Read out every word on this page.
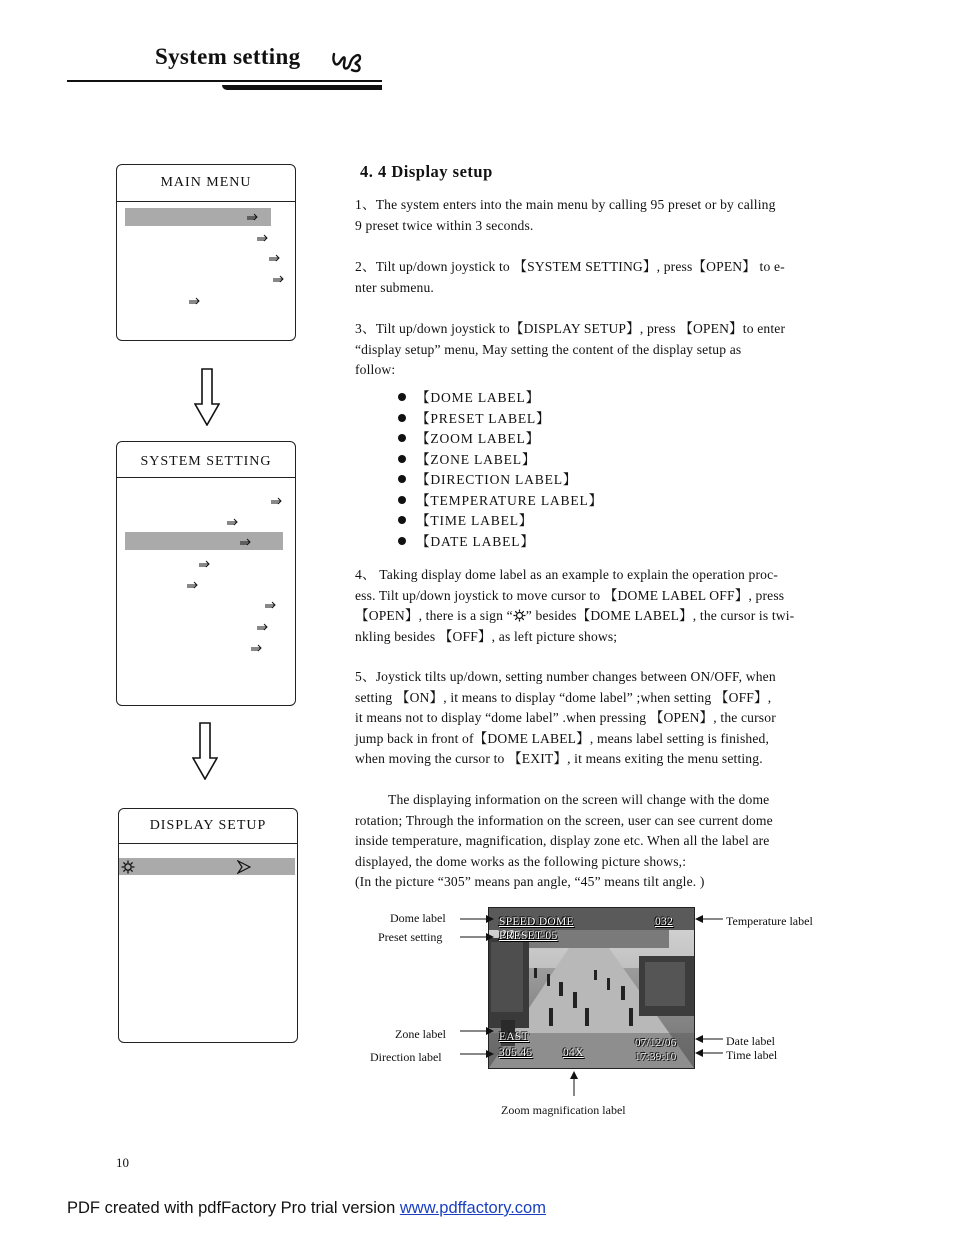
System setting
MAIN MENU
SYSTEM SETTING
DISPLAY SETUP
4. 4 Display setup

1、The system enters into the main menu by calling 95 preset or by calling

9 preset twice within 3 seconds.

2、Tilt up/down joystick to 【SYSTEM SETTING】, press【OPEN】 to e-

nter submenu.

3、Tilt up/down joystick to【DISPLAY SETUP】, press 【OPEN】to enter

“display setup” menu, May setting the content of the display setup as

follow:

【DOME LABEL】
【PRESET LABEL】
【ZOOM LABEL】
【ZONE LABEL】
【DIRECTION LABEL】
【TEMPERATURE LABEL】
【TIME LABEL】
【DATE LABEL】

4、 Taking display dome label as an example to explain the operation proc-

ess. Tilt up/down joystick to move cursor to 【DOME LABEL OFF】, press

【OPEN】, there is a sign “ ” besides【DOME LABEL】, the cursor is twi-

nkling besides 【OFF】, as left picture shows;

5、Joystick tilts up/down, setting number changes between ON/OFF, when

setting 【ON】, it means to display “dome label” ;when setting 【OFF】,

it means not to display “dome label” .when pressing 【OPEN】, the cursor

jump back in front of【DOME LABEL】, means label setting is finished,

when moving the cursor to 【EXIT】, it means exiting the menu setting.

The displaying information on the screen will change with the dome

rotation; Through the information on the screen, user can see current dome

inside temperature, magnification, display zone etc. When all the label are

displayed, the dome works as the following picture shows,:

(In the picture “305” means pan angle, “45” means tilt angle. )

SPEED DOME
PRESET-05
032
EAST
305 45	04X
07/12/06
17:39:10
Dome label
Preset setting
Zone label
Direction label
Temperature label
Date label
Time label
Zoom magnification label
10
PDF created with pdfFactory Pro trial version www.pdffactory.com
